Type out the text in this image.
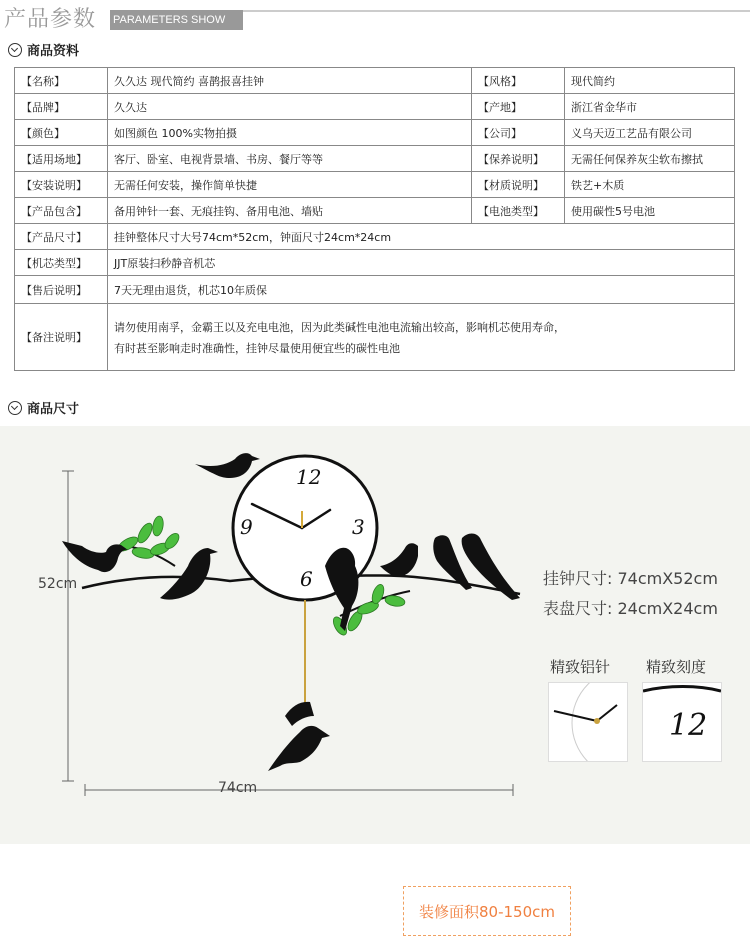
产品参数 PARAMETERS SHOW
商品资料
【名称】	久久达 现代简约 喜鹊报喜挂钟	【风格】	现代简约
【品牌】	久久达	【产地】	浙江省金华市
【颜色】	如图颜色 100%实物拍摄	【公司】	义乌天迈工艺品有限公司
【适用场地】	客厅、卧室、电视背景墙、书房、餐厅等等	【保养说明】	无需任何保养灰尘软布擦拭
【安装说明】	无需任何安装，操作简单快捷	【材质说明】	铁艺+木质
【产品包含】	备用钟针一套、无痕挂钩、备用电池、墙贴	【电池类型】	使用碳性5号电池
【产品尺寸】	挂钟整体尺寸大号74cm*52cm，钟面尺寸24cm*24cm		
【机芯类型】	JJT原装扫秒静音机芯		
【售后说明】	7天无理由退货，机芯10年质保		
【备注说明】	请勿使用南孚，金霸王以及充电电池，因为此类碱性电池电流输出较高，影响机芯使用寿命，
有时甚至影响走时准确性，挂钟尽量使用便宜些的碳性电池		
商品尺寸
12
3
6
9
装修面积80-150cm
52cm
74cm
挂钟尺寸: 74cmX52cm
表盘尺寸: 24cmX24cm
精致铝针 精致刻度
12
